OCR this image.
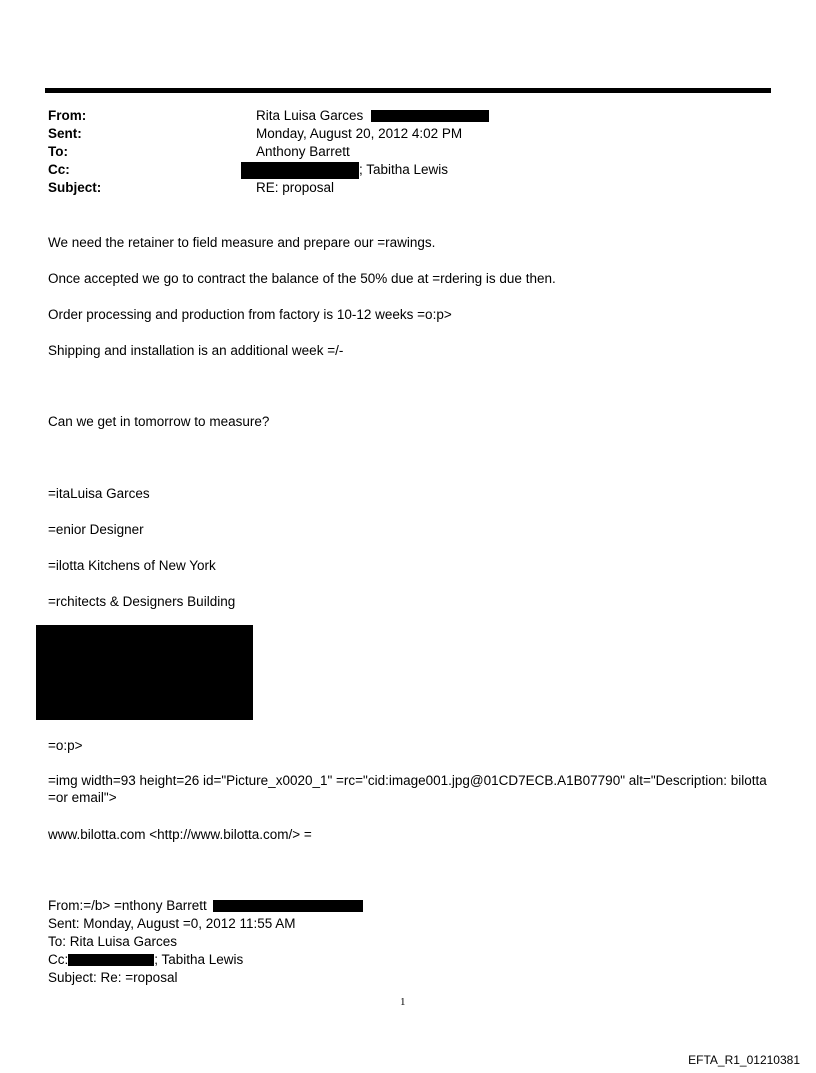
From:	Rita Luisa Garces
Sent:	Monday, August 20, 2012 4:02 PM
To:	Anthony Barrett
Cc:	; Tabitha Lewis
Subject:	RE: proposal
We need the retainer to field measure and prepare our =rawings.
Once accepted we go to contract the balance of the 50% due at =rdering is due then.
Order processing and production from factory is 10-12 weeks =o:p>
Shipping and installation is an additional week =/-
Can we get in tomorrow to measure?
=itaLuisa Garces
=enior Designer
=ilotta Kitchens of New York
=rchitects & Designers Building
=o:p>
=img width=93 height=26 id="Picture_x0020_1" =rc="cid:image001.jpg@01CD7ECB.A1B07790" alt="Description: bilotta =or email">
www.bilotta.com <http://www.bilotta.com/> =
From:=/b> =nthony Barrett
Sent: Monday, August =0, 2012 11:55 AM
To: Rita Luisa Garces
Cc:	; Tabitha Lewis
Subject: Re: =roposal
1
EFTA_R1_01210381
